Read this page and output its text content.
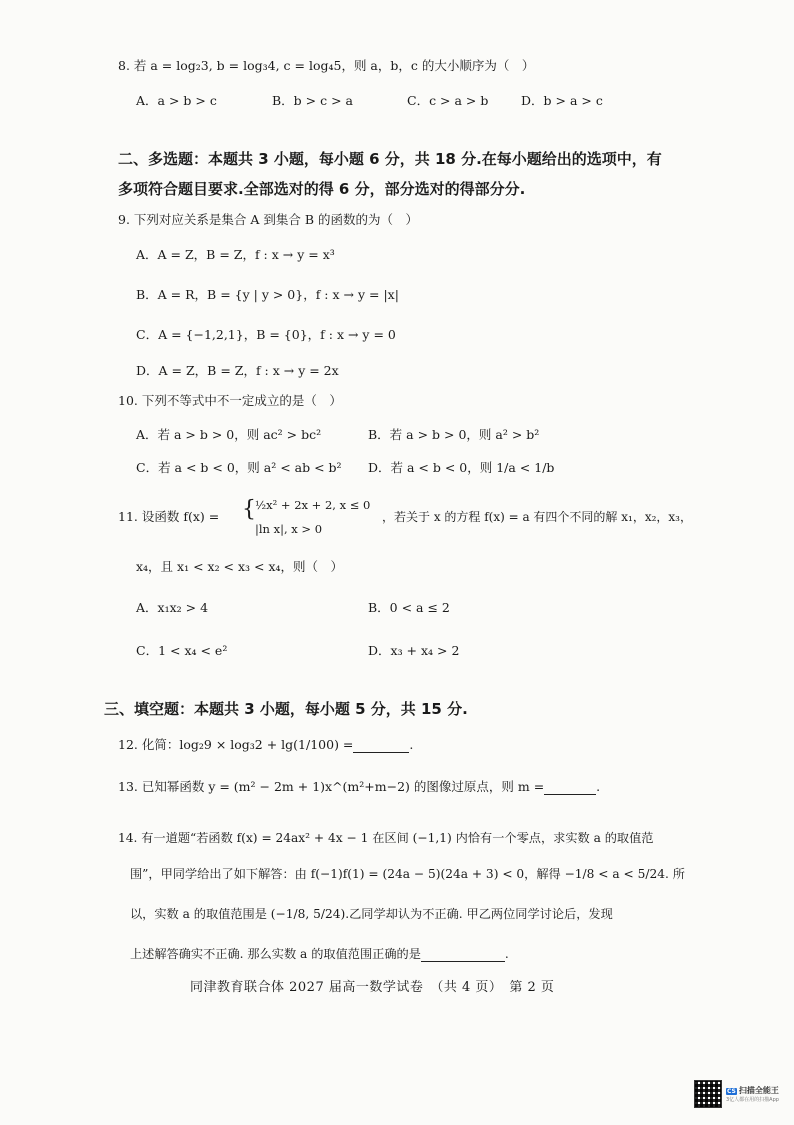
8. 若 a = log₂3, b = log₃4, c = log₄5，则 a，b，c 的大小顺序为（　）
A．a > b > c	B．b > c > a	C．c > a > b	D．b > a > c
二、多选题：本题共 3 小题，每小题 6 分，共 18 分.在每小题给出的选项中，有
多项符合题目要求.全部选对的得 6 分，部分选对的得部分分.
9. 下列对应关系是集合 A 到集合 B 的函数的为（　）
A．A = Z，B = Z，f : x → y = x³
B．A = R，B = {y | y > 0}，f : x → y = |x|
C．A = {−1,2,1}，B = {0}，f : x → y = 0
D．A = Z，B = Z，f : x → y = 2x
10. 下列不等式中不一定成立的是（　）
A．若 a > b > 0，则 ac² > bc²	B．若 a > b > 0，则 a² > b²
C．若 a < b < 0，则 a² < ab < b² D．若 a < b < 0，则 1/a < 1/b
11. 设函数 f(x) = { ½x² + 2x + 2, x ≤ 0
|ln x|, x > 0
，若关于 x 的方程 f(x) = a 有四个不同的解 x₁，x₂，x₃，
x₄，且 x₁ < x₂ < x₃ < x₄，则（　）
A．x₁x₂ > 4	B．0 < a ≤ 2
C．1 < x₄ < e²	D．x₃ + x₄ > 2
三、填空题：本题共 3 小题，每小题 5 分，共 15 分.
12. 化简：log₂9 × log₃2 + lg(1/100) =	.
13. 已知幂函数 y = (m² − 2m + 1)x^(m²+m−2) 的图像过原点，则 m =	.
14. 有一道题“若函数 f(x) = 24ax² + 4x − 1 在区间 (−1,1) 内恰有一个零点，求实数 a 的取值范
围”，甲同学给出了如下解答：由 f(−1)f(1) = (24a − 5)(24a + 3) < 0，解得 −1/8 < a < 5/24. 所
以，实数 a 的取值范围是 (−1/8, 5/24).乙同学却认为不正确. 甲乙两位同学讨论后，发现
上述解答确实不正确. 那么实数 a 的取值范围正确的是	.
同津教育联合体 2027 届高一数学试卷　（共 4 页）　第 2 页
CS 扫描全能王
3亿人都在用的扫描App
